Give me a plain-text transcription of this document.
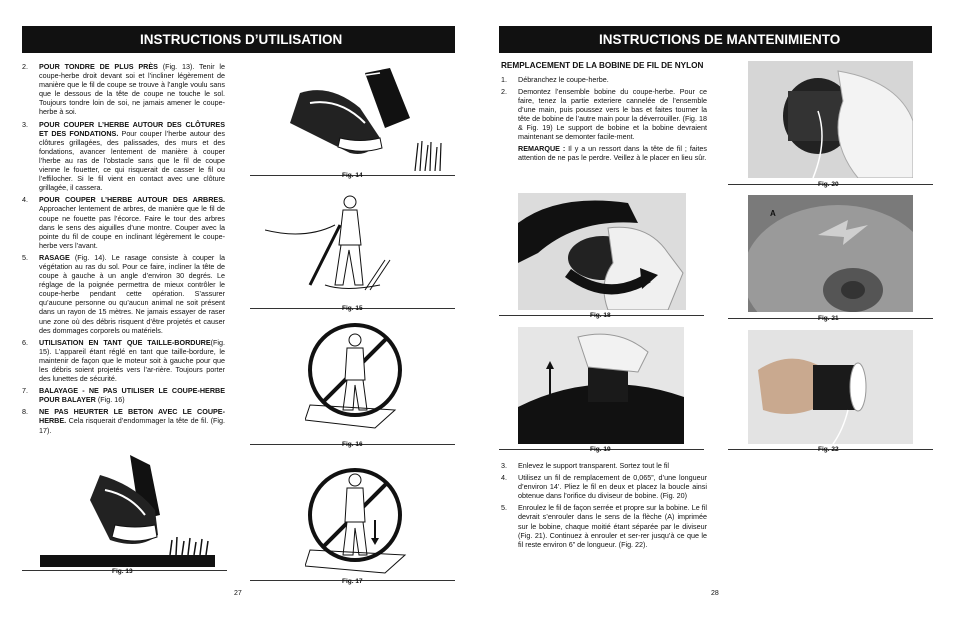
INSTRUCTIONS D’UTILISATION	INSTRUCTIONS DE MANTENIMIENTO
2. POUR TONDRE DE PLUS PRÈS (Fig. 13). Tenir le coupe-herbe droit devant soi et l’incliner légèrement de manière que le fil de coupe se trouve à l’angle voulu sans que le dessous de la tête de coupe ne touche le sol. Toujours tondre loin de soi, ne jamais amener le coupe-herbe à soi.
3. POUR COUPER L’HERBE AUTOUR DES CLÔTURES ET DES FONDATIONS. Pour couper l’herbe autour des clôtures grillagées, des palissades, des murs et des fondations, avancer lentement de manière à couper l’herbe au ras de l’obstacle sans que le fil de coupe vienne le fouetter, ce qui risquerait de casser le fil ou l’effilocher. Si le fil vient en contact avec une clôture grillagée, il cassera.
4. POUR COUPER L’HERBE AUTOUR DES ARBRES. Approacher lentement de arbres, de manière que le fil de coupe ne fouette pas l’écorce. Faire le tour des arbres dans le sens des aiguilles d’une montre. Couper avec la pointe du fil de coupe en inclinant légèrement le coupe-herbe vers l’avant.
5. RASAGE (Fig. 14). Le rasage consiste à couper la végétation au ras du sol. Pour ce faire, incliner la tête de coupe à gauche à un angle d’environ 30 degrés. Le réglage de la poignée permettra de mieux contrôler le coupe-herbe pendant cette opération. S’assurer qu’aucune personne ou qu’aucun animal ne soit présent dans un rayon de 15 mètres. Ne jamais essayer de raser une zone où des débris risquent d’être projetés et causer des dommages corporels ou matériels.
6. UTILISATION EN TANT QUE TAILLE-BORDURE(Fig. 15). L’appareil étant réglé en tant que taille-bordure, le maintenir de façon que le moteur soit à gauche pour que les débris soient projetés vers l’ar-rière. Toujours porter des lunettes de sécurité.
7. BALAYAGE - NE PAS UTILISER LE COUPE-HERBE POUR BALAYER (Fig. 16)
8. NE PAS HEURTER LE BETON AVEC LE COUPE-HERBE. Cela risquerait d’endommager la tête de fil. (Fig. 17).
REMPLACEMENT DE LA BOBINE DE FIL DE NYLON
1. Débranchez le coupe-herbe.
2. Demontez l’ensemble bobine du coupe-herbe. Pour ce faire, tenez la partie exteriere cannelée de l’ensemble d’une main, puis poussez vers le bas et faites tourner la tête de bobine de l’autre main pour la déverrouiller. (Fig. 18 & Fig. 19) Le support de bobine et la bobine devraient maintenant se demonter facile-ment.
REMARQUE : Il y a un ressort dans la tête de fil ; faites attention de ne pas le perdre. Veillez à le placer en lieu sûr.
3. Enlevez le support transparent. Sortez tout le fil
4. Utilisez un fil de remplacement de 0,065”, d’une longueur d’environ 14’. Pliez le fil en deux et placez la boucle ainsi obtenue dans l’orifice du diviseur de bobine. (Fig. 20)
5. Enroulez le fil de façon serrée et propre sur la bobine. Le fil devrait s’enrouler dans le sens de la flèche (A) imprimée sur le bobine, chaque moitié étant séparée par le diviseur (Fig. 21). Continuez à enrouler et ser-rer jusqu’à ce que le fil reste environ 6” de longueur. (Fig. 22).
Fig. 14
Fig. 15
Fig. 16
Fig. 17
Fig. 13
Fig. 18
Fig. 19
Fig. 20
A
Fig. 21
Fig. 22
27	28
